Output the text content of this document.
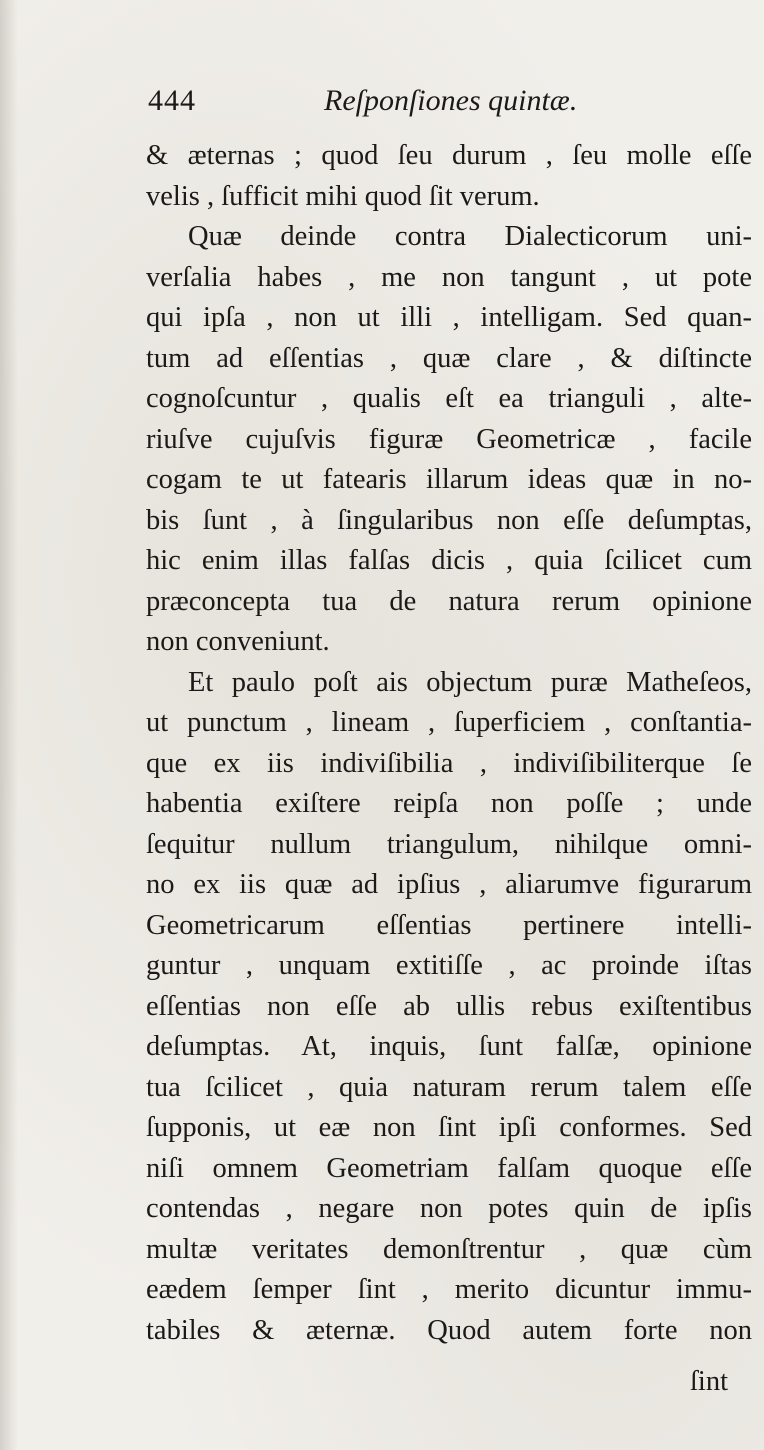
444	Reſponſiones quintæ.
& æternas ; quod ſeu durum , ſeu molle eſſe
velis , ſufficit mihi quod ſit verum.
Quæ deinde contra Dialecticorum uni-
verſalia habes , me non tangunt , ut pote
qui ipſa , non ut illi , intelligam. Sed quan-
tum ad eſſentias , quæ clare , & diſtincte
cognoſcuntur , qualis eſt ea trianguli , alte-
riuſve cujuſvis figuræ Geometricæ , facile
cogam te ut fatearis illarum ideas quæ in no-
bis ſunt , à ſingularibus non eſſe deſumptas,
hic enim illas falſas dicis , quia ſcilicet cum
præconcepta tua de natura rerum opinione
non conveniunt.
Et paulo poſt ais objectum puræ Matheſeos,
ut punctum , lineam , ſuperficiem , conſtantia-
que ex iis indiviſibilia , indiviſibiliterque ſe
habentia exiſtere reipſa non poſſe ; unde
ſequitur nullum triangulum, nihilque omni-
no ex iis quæ ad ipſius , aliarumve figurarum
Geometricarum eſſentias pertinere intelli-
guntur , unquam extitiſſe , ac proinde iſtas
eſſentias non eſſe ab ullis rebus exiſtentibus
deſumptas. At, inquis, ſunt falſæ, opinione
tua ſcilicet , quia naturam rerum talem eſſe
ſupponis, ut eæ non ſint ipſi conformes. Sed
niſi omnem Geometriam falſam quoque eſſe
contendas , negare non potes quin de ipſis
multæ veritates demonſtrentur , quæ cùm
eædem ſemper ſint , merito dicuntur immu-
tabiles & æternæ. Quod autem forte non
ſint
